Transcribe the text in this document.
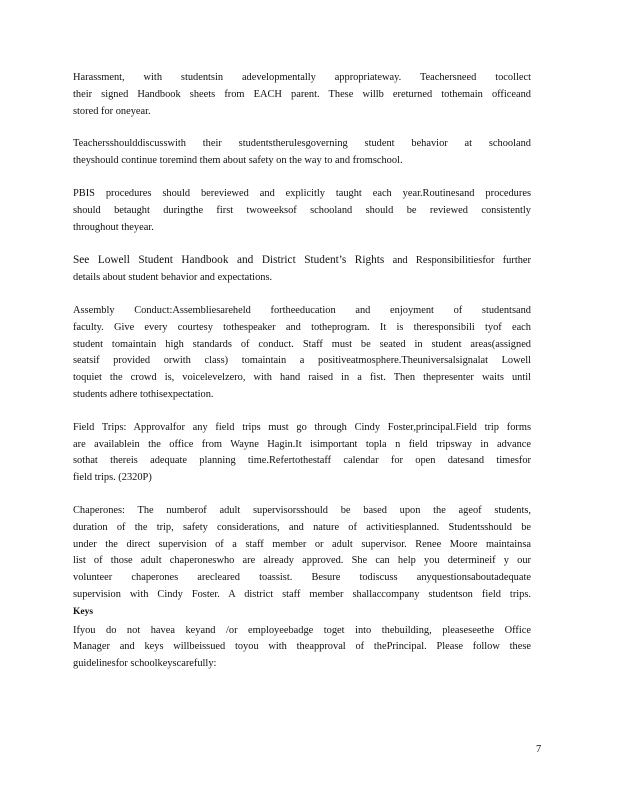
Harassment, with studentsin adevelopmentally appropriateway. Teachersneed tocollect
their signed Handbook sheets from EACH parent. These willb ereturned tothemain officeand
stored for oneyear.

Teachersshoulddiscusswith their studentstherulesgoverning student behavior at schooland
theyshould continue toremind them about safety on the way to and fromschool.

PBIS procedures should bereviewed and explicitly taught each year.Routinesand procedures
should betaught duringthe first twoweeksof schooland should be reviewed consistently
throughout theyear.

See Lowell Student Handbook and District Student’s Rights and Responsibilitiesfor further
details about student behavior and expectations.

Assembly Conduct:Assembliesareheld fortheeducation and enjoyment of studentsand
faculty. Give every courtesy tothespeaker and totheprogram. It is theresponsibili tyof each
student tomaintain high standards of conduct. Staff must be seated in student areas(assigned
seatsif provided orwith class) tomaintain a positiveatmosphere.Theuniversalsignalat Lowell
toquiet the crowd is, voicelevelzero, with hand raised in a fist. Then thepresenter waits until
students adhere tothisexpectation.

Field Trips: Approvalfor any field trips must go through Cindy Foster,principal.Field trip forms
are availablein the office from Wayne Hagin.It isimportant topla n field tripsway in advance
sothat thereis adequate planning time.Refertothestaff calendar for open datesand timesfor
field trips. (2320P)

Chaperones: The numberof adult supervisorsshould be based upon the ageof students,
duration of the trip, safety considerations, and nature of activitiesplanned. Studentsshould be
under the direct supervision of a staff member or adult supervisor. Renee Moore maintainsa
list of those adult chaperoneswho are already approved. She can help you determineif y our
volunteer chaperones arecleared toassist. Besure todiscuss anyquestionsaboutadequate
supervision with Cindy Foster. A district staff member shallaccompany studentson field trips.

Keys

Ifyou do not havea keyand /or employeebadge toget into thebuilding, pleaseseethe Office
Manager and keys willbeissued toyou with theapproval of thePrincipal. Please follow these
guidelinesfor schoolkeyscarefully:

7
